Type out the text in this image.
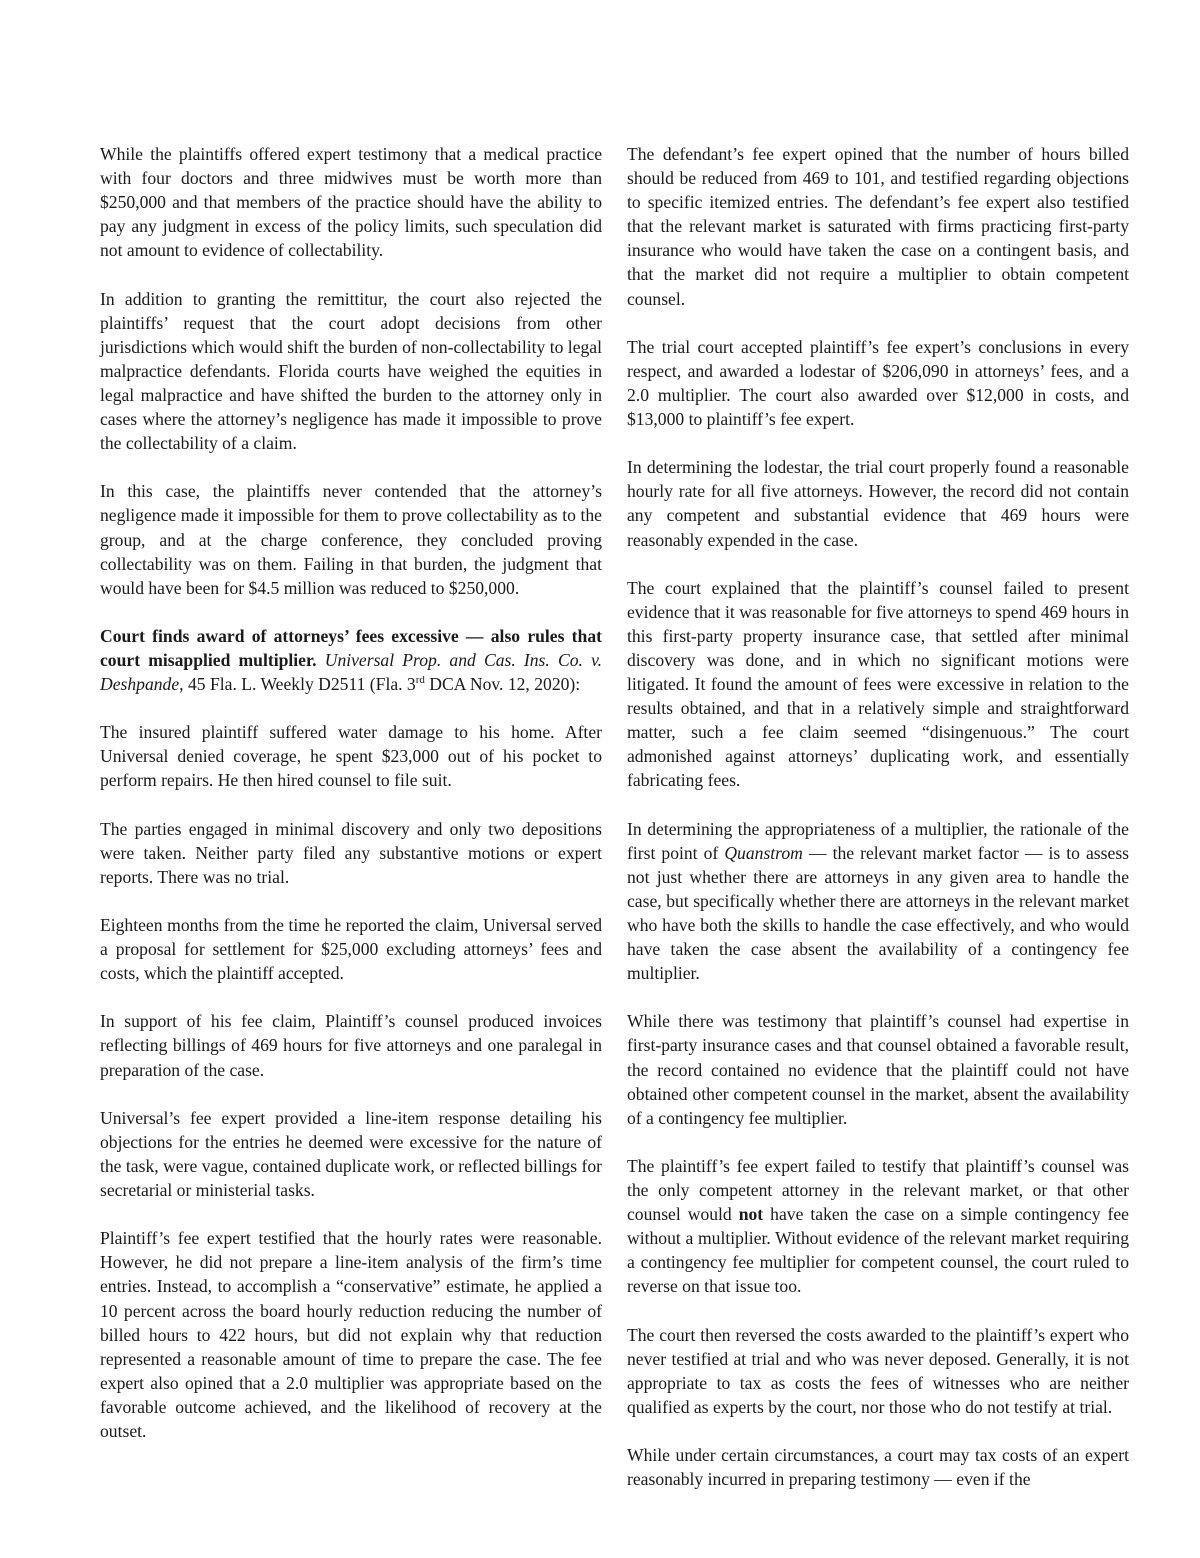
While the plaintiffs offered expert testimony that a medical practice with four doctors and three midwives must be worth more than $250,000 and that members of the practice should have the ability to pay any judgment in excess of the policy limits, such speculation did not amount to evidence of collectability.

In addition to granting the remittitur, the court also rejected the plaintiffs’ request that the court adopt decisions from other jurisdictions which would shift the burden of non-collectability to legal malpractice defendants. Florida courts have weighed the equities in legal malpractice and have shifted the burden to the attorney only in cases where the attorney’s negligence has made it impossible to prove the collectability of a claim.

In this case, the plaintiffs never contended that the attorney’s negligence made it impossible for them to prove collectability as to the group, and at the charge conference, they concluded proving collectability was on them. Failing in that burden, the judgment that would have been for $4.5 million was reduced to $250,000.

Court finds award of attorneys’ fees excessive — also rules that court misapplied multiplier. Universal Prop. and Cas. Ins. Co. v. Deshpande, 45 Fla. L. Weekly D2511 (Fla. 3rd DCA Nov. 12, 2020):

The insured plaintiff suffered water damage to his home. After Universal denied coverage, he spent $23,000 out of his pocket to perform repairs. He then hired counsel to file suit.

The parties engaged in minimal discovery and only two depositions were taken. Neither party filed any substantive motions or expert reports. There was no trial.

Eighteen months from the time he reported the claim, Universal served a proposal for settlement for $25,000 excluding attorneys’ fees and costs, which the plaintiff accepted.

In support of his fee claim, Plaintiff’s counsel produced invoices reflecting billings of 469 hours for five attorneys and one paralegal in preparation of the case.

Universal’s fee expert provided a line-item response detailing his objections for the entries he deemed were excessive for the nature of the task, were vague, contained duplicate work, or reflected billings for secretarial or ministerial tasks.

Plaintiff’s fee expert testified that the hourly rates were reasonable. However, he did not prepare a line-item analysis of the firm’s time entries. Instead, to accomplish a “conservative” estimate, he applied a 10 percent across the board hourly reduction reducing the number of billed hours to 422 hours, but did not explain why that reduction represented a reasonable amount of time to prepare the case. The fee expert also opined that a 2.0 multiplier was appropriate based on the favorable outcome achieved, and the likelihood of recovery at the outset.

The defendant’s fee expert opined that the number of hours billed should be reduced from 469 to 101, and testified regarding objections to specific itemized entries. The defendant’s fee expert also testified that the relevant market is saturated with firms practicing first-party insurance who would have taken the case on a contingent basis, and that the market did not require a multiplier to obtain competent counsel.

The trial court accepted plaintiff’s fee expert’s conclusions in every respect, and awarded a lodestar of $206,090 in attorneys’ fees, and a 2.0 multiplier. The court also awarded over $12,000 in costs, and $13,000 to plaintiff’s fee expert.

In determining the lodestar, the trial court properly found a reasonable hourly rate for all five attorneys. However, the record did not contain any competent and substantial evidence that 469 hours were reasonably expended in the case.

The court explained that the plaintiff’s counsel failed to present evidence that it was reasonable for five attorneys to spend 469 hours in this first-party property insurance case, that settled after minimal discovery was done, and in which no significant motions were litigated. It found the amount of fees were excessive in relation to the results obtained, and that in a relatively simple and straightforward matter, such a fee claim seemed “disingenuous.” The court admonished against attorneys’ duplicating work, and essentially fabricating fees.

In determining the appropriateness of a multiplier, the rationale of the first point of Quanstrom — the relevant market factor — is to assess not just whether there are attorneys in any given area to handle the case, but specifically whether there are attorneys in the relevant market who have both the skills to handle the case effectively, and who would have taken the case absent the availability of a contingency fee multiplier.

While there was testimony that plaintiff’s counsel had expertise in first-party insurance cases and that counsel obtained a favorable result, the record contained no evidence that the plaintiff could not have obtained other competent counsel in the market, absent the availability of a contingency fee multiplier.

The plaintiff’s fee expert failed to testify that plaintiff’s counsel was the only competent attorney in the relevant market, or that other counsel would not have taken the case on a simple contingency fee without a multiplier. Without evidence of the relevant market requiring a contingency fee multiplier for competent counsel, the court ruled to reverse on that issue too.

The court then reversed the costs awarded to the plaintiff’s expert who never testified at trial and who was never deposed. Generally, it is not appropriate to tax as costs the fees of witnesses who are neither qualified as experts by the court, nor those who do not testify at trial.

While under certain circumstances, a court may tax costs of an expert reasonably incurred in preparing testimony — even if the
